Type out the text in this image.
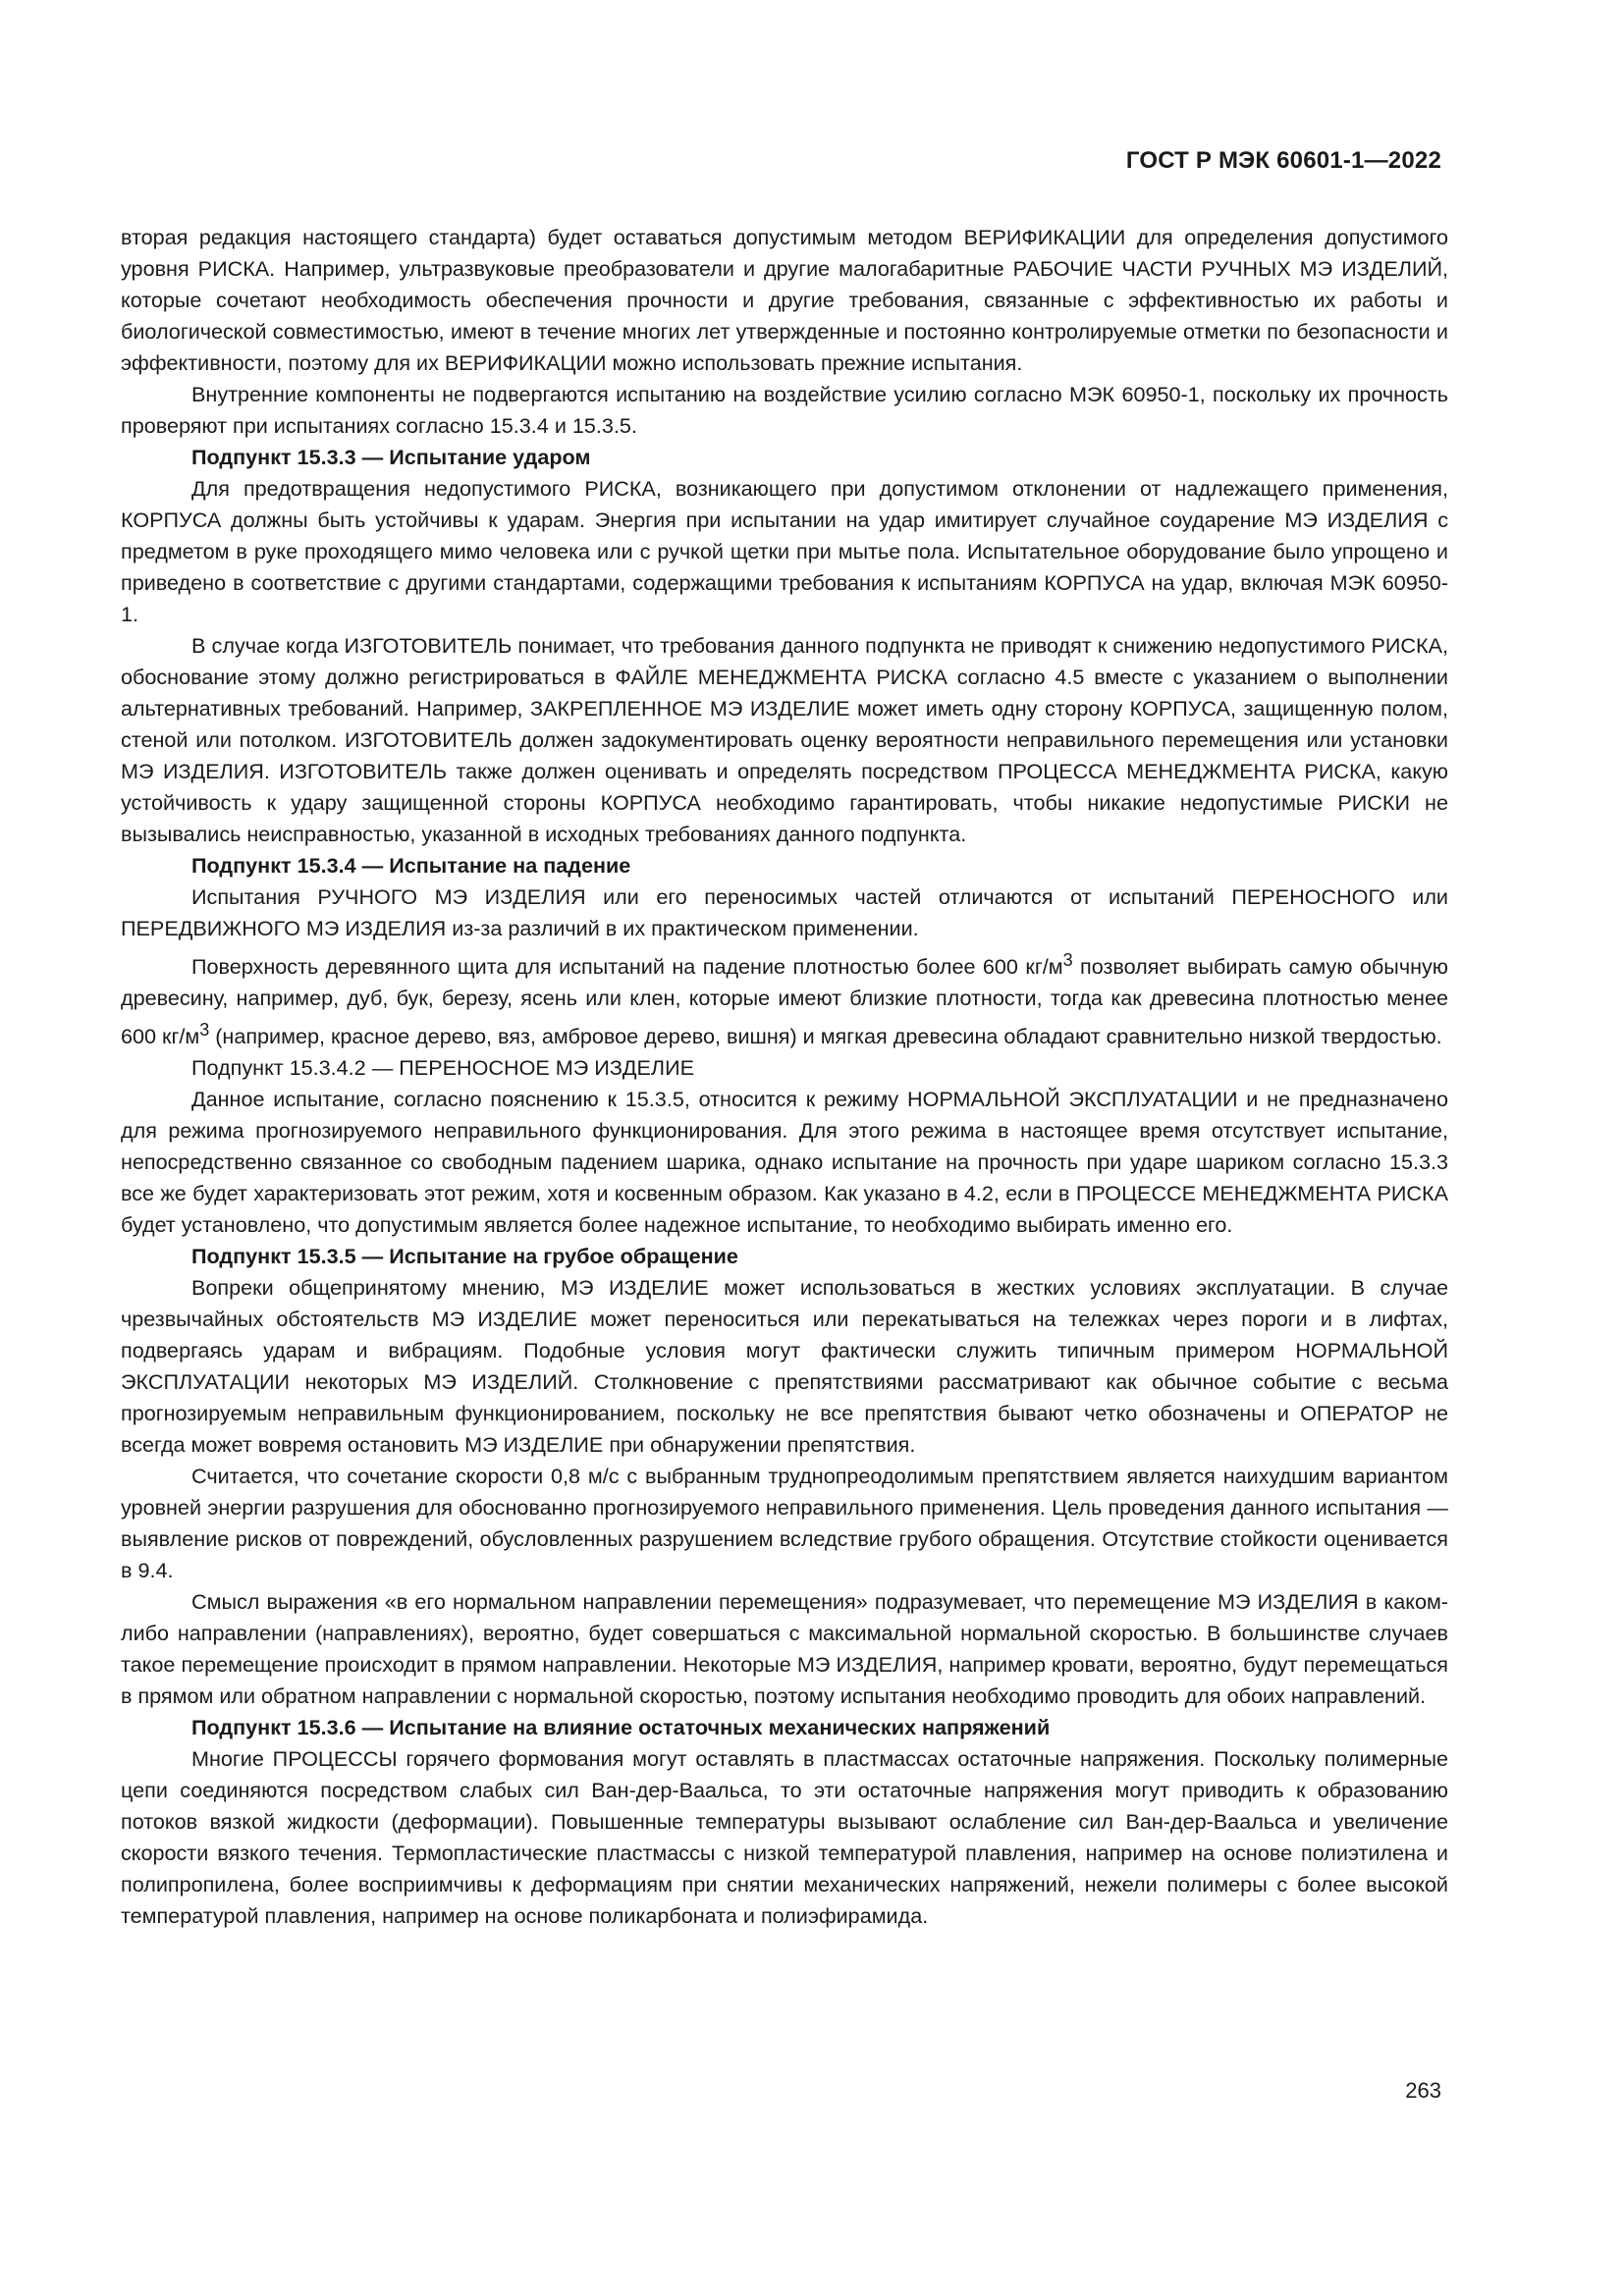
ГОСТ Р МЭК 60601-1—2022

вторая редакция настоящего стандарта) будет оставаться допустимым методом ВЕРИФИКАЦИИ для определения допустимого уровня РИСКА. Например, ультразвуковые преобразователи и другие малогабаритные РАБОЧИЕ ЧАСТИ РУЧНЫХ МЭ ИЗДЕЛИЙ, которые сочетают необходимость обеспечения прочности и другие требования, связанные с эффективностью их работы и биологической совместимостью, имеют в течение многих лет утвержденные и постоянно контролируемые отметки по безопасности и эффективности, поэтому для их ВЕРИФИКАЦИИ можно использовать прежние испытания.

Внутренние компоненты не подвергаются испытанию на воздействие усилию согласно МЭК 60950-1, поскольку их прочность проверяют при испытаниях согласно 15.3.4 и 15.3.5.

Подпункт 15.3.3 — Испытание ударом

Для предотвращения недопустимого РИСКА, возникающего при допустимом отклонении от надлежащего применения, КОРПУСА должны быть устойчивы к ударам. Энергия при испытании на удар имитирует случайное соударение МЭ ИЗДЕЛИЯ с предметом в руке проходящего мимо человека или с ручкой щетки при мытье пола. Испытательное оборудование было упрощено и приведено в соответствие с другими стандартами, содержащими требования к испытаниям КОРПУСА на удар, включая МЭК 60950-1.

В случае когда ИЗГОТОВИТЕЛЬ понимает, что требования данного подпункта не приводят к снижению недопустимого РИСКА, обоснование этому должно регистрироваться в ФАЙЛЕ МЕНЕДЖМЕНТА РИСКА согласно 4.5 вместе с указанием о выполнении альтернативных требований. Например, ЗАКРЕПЛЕННОЕ МЭ ИЗДЕЛИЕ может иметь одну сторону КОРПУСА, защищенную полом, стеной или потолком. ИЗГОТОВИТЕЛЬ должен задокументировать оценку вероятности неправильного перемещения или установки МЭ ИЗДЕЛИЯ. ИЗГОТОВИТЕЛЬ также должен оценивать и определять посредством ПРОЦЕССА МЕНЕДЖМЕНТА РИСКА, какую устойчивость к удару защищенной стороны КОРПУСА необходимо гарантировать, чтобы никакие недопустимые РИСКИ не вызывались неисправностью, указанной в исходных требованиях данного подпункта.

Подпункт 15.3.4 — Испытание на падение

Испытания РУЧНОГО МЭ ИЗДЕЛИЯ или его переносимых частей отличаются от испытаний ПЕРЕНОСНОГО или ПЕРЕДВИЖНОГО МЭ ИЗДЕЛИЯ из-за различий в их практическом применении.

Поверхность деревянного щита для испытаний на падение плотностью более 600 $кг/м^3$ позволяет выбирать самую обычную древесину, например, дуб, бук, березу, ясень или клен, которые имеют близкие плотности, тогда как древесина плотностью менее 600 $кг/м^3$ (например, красное дерево, вяз, амбровое дерево, вишня) и мягкая древесина обладают сравнительно низкой твердостью.

Подпункт 15.3.4.2 — ПЕРЕНОСНОЕ МЭ ИЗДЕЛИЕ

Данное испытание, согласно пояснению к 15.3.5, относится к режиму НОРМАЛЬНОЙ ЭКСПЛУАТАЦИИ и не предназначено для режима прогнозируемого неправильного функционирования. Для этого режима в настоящее время отсутствует испытание, непосредственно связанное со свободным падением шарика, однако испытание на прочность при ударе шариком согласно 15.3.3 все же будет характеризовать этот режим, хотя и косвенным образом. Как указано в 4.2, если в ПРОЦЕССЕ МЕНЕДЖМЕНТА РИСКА будет установлено, что допустимым является более надежное испытание, то необходимо выбирать именно его.

Подпункт 15.3.5 — Испытание на грубое обращение

Вопреки общепринятому мнению, МЭ ИЗДЕЛИЕ может использоваться в жестких условиях эксплуатации. В случае чрезвычайных обстоятельств МЭ ИЗДЕЛИЕ может переноситься или перекатываться на тележках через пороги и в лифтах, подвергаясь ударам и вибрациям. Подобные условия могут фактически служить типичным примером НОРМАЛЬНОЙ ЭКСПЛУАТАЦИИ некоторых МЭ ИЗДЕЛИЙ. Столкновение с препятствиями рассматривают как обычное событие с весьма прогнозируемым неправильным функционированием, поскольку не все препятствия бывают четко обозначены и ОПЕРАТОР не всегда может вовремя остановить МЭ ИЗДЕЛИЕ при обнаружении препятствия.

Считается, что сочетание скорости 0,8 м/с с выбранным труднопреодолимым препятствием является наихудшим вариантом уровней энергии разрушения для обоснованно прогнозируемого неправильного применения. Цель проведения данного испытания — выявление рисков от повреждений, обусловленных разрушением вследствие грубого обращения. Отсутствие стойкости оценивается в 9.4.

Смысл выражения «в его нормальном направлении перемещения» подразумевает, что перемещение МЭ ИЗДЕЛИЯ в каком-либо направлении (направлениях), вероятно, будет совершаться с максимальной нормальной скоростью. В большинстве случаев такое перемещение происходит в прямом направлении. Некоторые МЭ ИЗДЕЛИЯ, например кровати, вероятно, будут перемещаться в прямом или обратном направлении с нормальной скоростью, поэтому испытания необходимо проводить для обоих направлений.

Подпункт 15.3.6 — Испытание на влияние остаточных механических напряжений

Многие ПРОЦЕССЫ горячего формования могут оставлять в пластмассах остаточные напряжения. Поскольку полимерные цепи соединяются посредством слабых сил Ван-дер-Ваальса, то эти остаточные напряжения могут приводить к образованию потоков вязкой жидкости (деформации). Повышенные температуры вызывают ослабление сил Ван-дер-Ваальса и увеличение скорости вязкого течения. Термопластические пластмассы с низкой температурой плавления, например на основе полиэтилена и полипропилена, более восприимчивы к деформациям при снятии механических напряжений, нежели полимеры с более высокой температурой плавления, например на основе поликарбоната и полиэфирамида.

263
